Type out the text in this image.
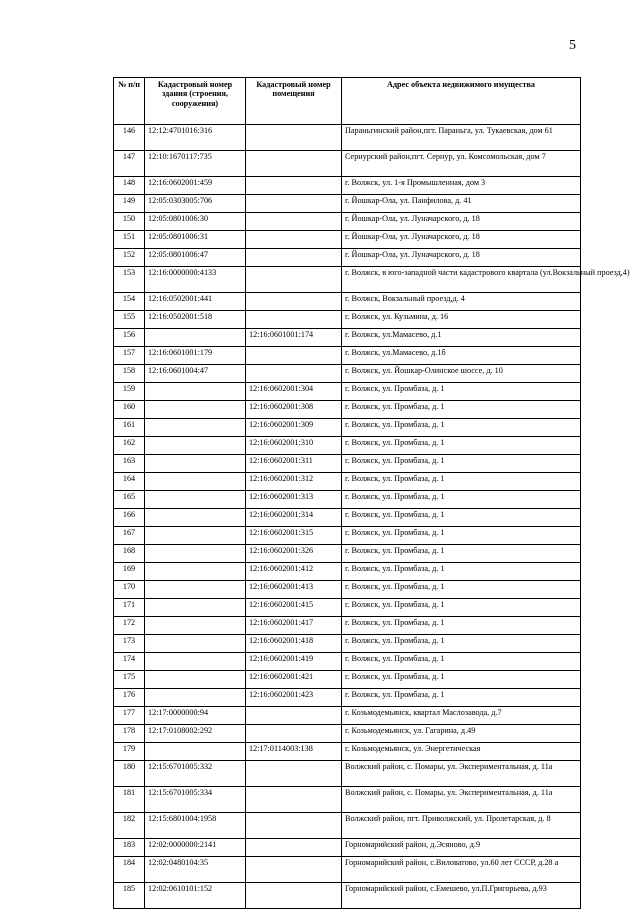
5
№ п/п	Кадастровый номер здания (строения, сооружения)	Кадастровый номер помещения	Адрес объекта недвижимого имущества
146	12:12:4701016:316		Параньгинский район,пгт. Параньга, ул. Тукаевская, дом 61
147	12:10:1670117:735		Сернурский район,пгт. Сернур, ул. Комсомольская, дом 7
148	12:16:0602001:459		г. Волжск, ул. 1-я Промышленная, дом 3
149	12:05:0303005:706		г. Йошкар-Ола, ул. Панфилова, д. 41
150	12:05:0801006:30		г. Йошкар-Ола, ул. Луначарского, д. 18
151	12:05:0801006:31		г. Йошкар-Ола, ул. Луначарского, д. 18
152	12:05:0801006:47		г. Йошкар-Ола, ул. Луначарского, д. 18
153	12:16:0000000:4133		г. Волжск, в юго-западной части кадастрового квартала (ул.Вокзальный проезд,4)
154	12:16:0502001:441		г. Волжск, Вокзальный проезд,д. 4
155	12:16:0502001:518		г. Волжск, ул. Кузьмина, д. 16
156		12:16:0601001:174	г. Волжск, ул.Мамасево, д.1
157	12:16:0601001:179		г. Волжск, ул.Мамасево, д.1б
158	12:16:0601004:47		г. Волжск, ул. Йошкар-Олинское шоссе, д. 10
159		12:16:0602001:304	г. Волжск, ул. Промбаза, д. 1
160		12:16:0602001:308	г. Волжск, ул. Промбаза, д. 1
161		12:16:0602001:309	г. Волжск, ул. Промбаза, д. 1
162		12:16:0602001:310	г. Волжск, ул. Промбаза, д. 1
163		12:16:0602001:311	г. Волжск, ул. Промбаза, д. 1
164		12:16:0602001:312	г. Волжск, ул. Промбаза, д. 1
165		12:16:0602001:313	г. Волжск, ул. Промбаза, д. 1
166		12:16:0602001:314	г. Волжск, ул. Промбаза, д. 1
167		12:16:0602001:315	г. Волжск, ул. Промбаза, д. 1
168		12:16:0602001:326	г. Волжск, ул. Промбаза, д. 1
169		12:16:0602001:412	г. Волжск, ул. Промбаза, д. 1
170		12:16:0602001:413	г. Волжск, ул. Промбаза, д. 1
171		12:16:0602001:415	г. Волжск, ул. Промбаза, д. 1
172		12:16:0602001:417	г. Волжск, ул. Промбаза, д. 1
173		12:16:0602001:418	г. Волжск, ул. Промбаза, д. 1
174		12:16:0602001:419	г. Волжск, ул. Промбаза, д. 1
175		12:16:0602001:421	г. Волжск, ул. Промбаза, д. 1
176		12:16:0602001:423	г. Волжск, ул. Промбаза, д. 1
177	12:17:0000000:94		г. Козьмодемьянск, квартал Маслозавода, д.7
178	12:17:0108002:292		г. Козьмодемьянск, ул. Гагарина, д.49
179		12:17:0114003:138	г. Козьмодемьянск, ул. Энергетическая
180	12:15:6701005:332		Волжский район, с. Помары, ул. Экспериментальная, д. 11а
181	12:15:6701005:334		Волжский район, с. Помары, ул. Экспериментальная, д. 11а
182	12:15:6801004:1958		Волжский район, пгт. Приволжский, ул. Пролетарская, д. 8
183	12:02:0000000:2141		Горномарийский район, д.Эсяново, д.9
184	12:02:0480104:35		Горномарийский район, с.Виловатово, ул.60 лет СССР, д.28 а
185	12:02:0610101:152		Горномарийский район, с.Емешево, ул.П.Григорьева, д.93
